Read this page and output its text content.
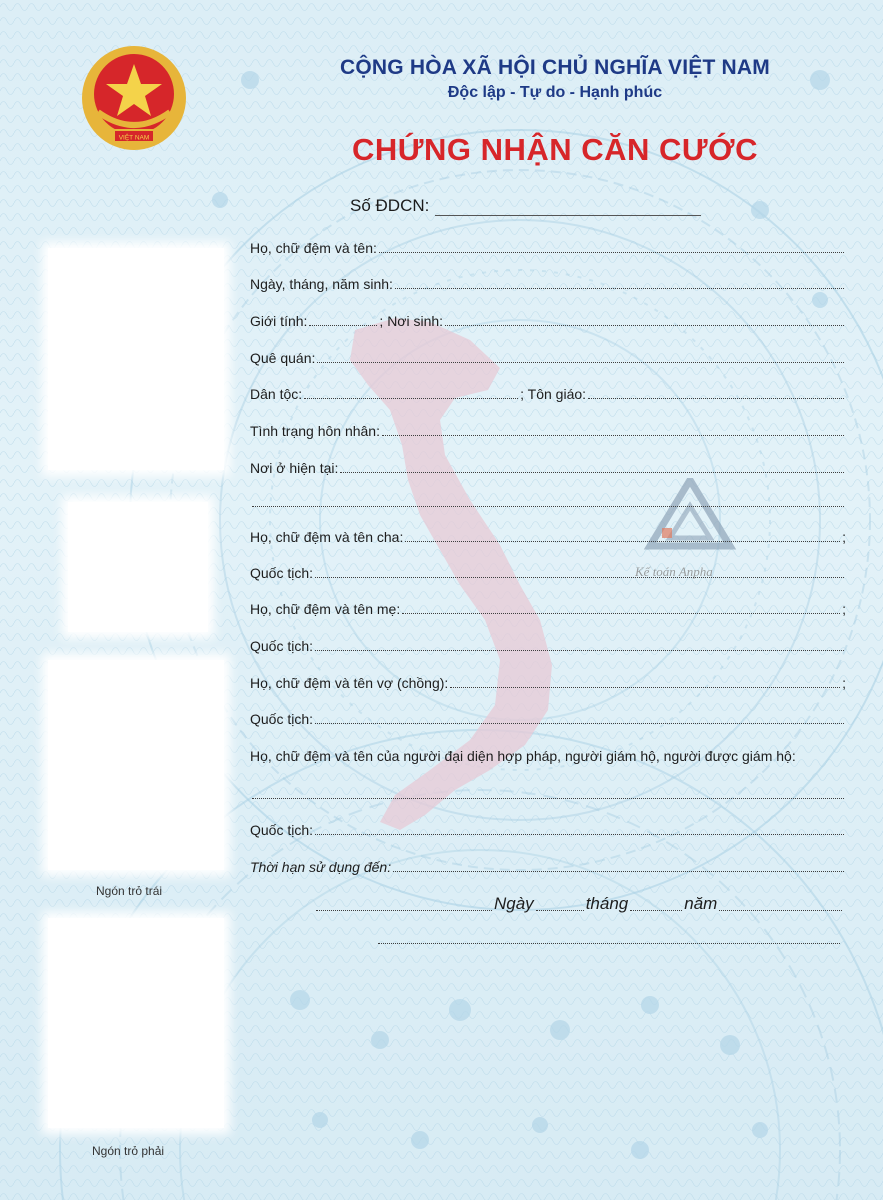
VIỆT NAM
CỘNG HÒA XÃ HỘI CHỦ NGHĨA VIỆT NAM
Độc lập - Tự do - Hạnh phúc
CHỨNG NHẬN CĂN CƯỚC
Số ĐDCN:
Ngón trỏ trái
Ngón trỏ phải
Kế toán Anpha
Họ, chữ đệm và tên:
Ngày, tháng, năm sinh:
Giới tính:	; Nơi sinh:
Quê quán:
Dân tộc:	; Tôn giáo:
Tình trạng hôn nhân:
Nơi ở hiện tại:
Họ, chữ đệm và tên cha:	;
Quốc tịch:
Họ, chữ đệm và tên mẹ:	;
Quốc tịch:
Họ, chữ đệm và tên vợ (chồng):	;
Quốc tịch:
Họ, chữ đệm và tên của người đại diện hợp pháp, người giám hộ, người được giám hộ:
Quốc tịch:
Thời hạn sử dụng đến:
Ngày	tháng	năm
